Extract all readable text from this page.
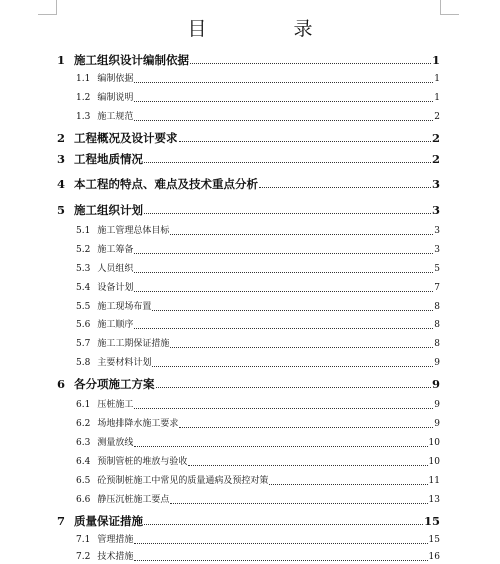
目　录
1 施工组织设计编制依据	1
1.1 编制依据	1
1.2 编制说明	1
1.3 施工规范	2
2 工程概况及设计要求	2
3 工程地质情况	2
4 本工程的特点、难点及技术重点分析	3
5 施工组织计划	3
5.1 施工管理总体目标	3
5.2 施工筹备	3
5.3 人员组织	5
5.4 设备计划	7
5.5 施工现场布置	8
5.6 施工顺序	8
5.7 施工工期保证措施	8
5.8 主要材料计划	9
6 各分项施工方案	9
6.1 压桩施工	9
6.2 场地排降水施工要求	9
6.3 测量放线	10
6.4 预制管桩的堆放与验收	10
6.5 砼预制桩施工中常见的质量通病及预控对策	11
6.6 静压沉桩施工要点	13
7 质量保证措施	15
7.1 管理措施	15
7.2 技术措施	16
